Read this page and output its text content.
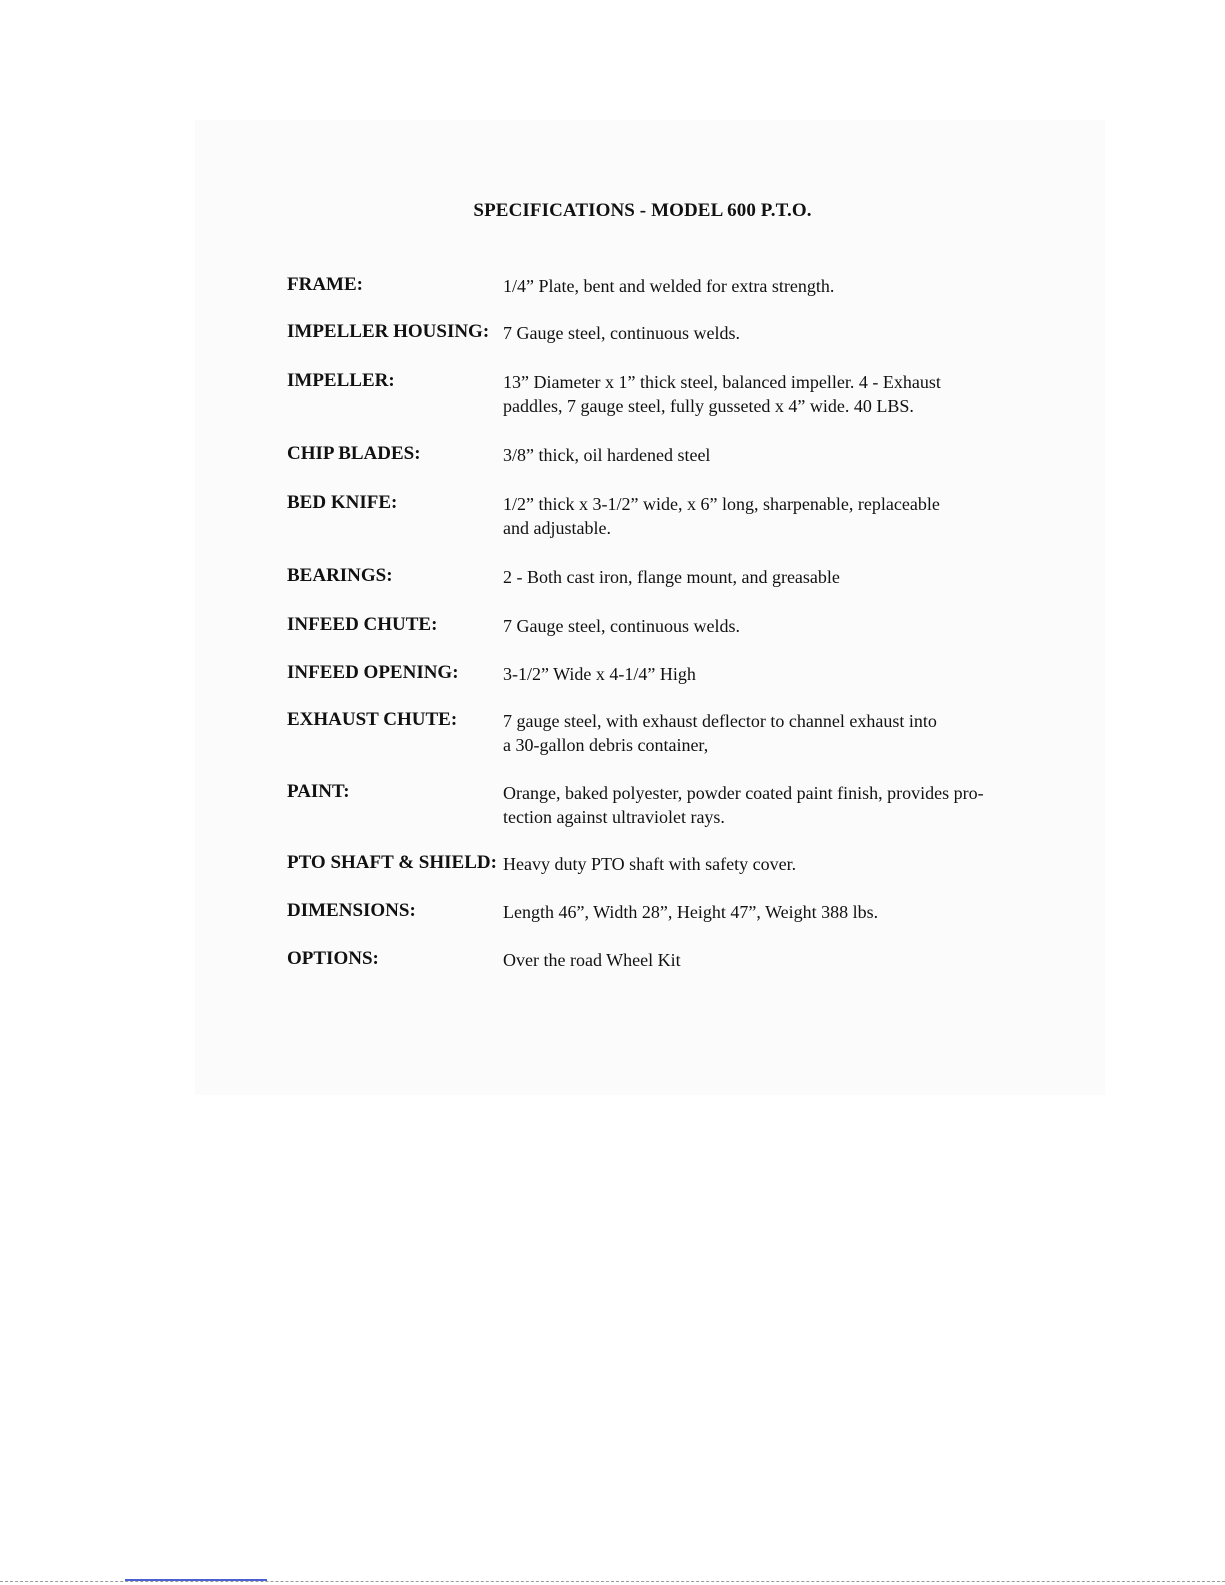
SPECIFICATIONS - MODEL 600 P.T.O.
FRAME:	1/4” Plate, bent and welded for extra strength.
IMPELLER HOUSING: 7 Gauge steel, continuous welds.
IMPELLER:	13” Diameter x 1” thick steel, balanced impeller. 4 - Exhaust
paddles, 7 gauge steel, fully gusseted x 4” wide. 40 LBS.
CHIP BLADES:	3/8” thick, oil hardened steel
BED KNIFE:	1/2” thick x 3-1/2” wide, x 6” long, sharpenable, replaceable
and adjustable.
BEARINGS:	2 - Both cast iron, flange mount, and greasable
INFEED CHUTE:	7 Gauge steel, continuous welds.
INFEED OPENING: 3-1/2” Wide x 4-1/4” High
EXHAUST CHUTE:	7 gauge steel, with exhaust deflector to channel exhaust into
a 30-gallon debris container,
PAINT:	Orange, baked polyester, powder coated paint finish, provides pro-
tection against ultraviolet rays.
PTO SHAFT & SHIELD: Heavy duty PTO shaft with safety cover.
DIMENSIONS:	Length 46”, Width 28”, Height 47”, Weight 388 lbs.
OPTIONS:	Over the road Wheel Kit
